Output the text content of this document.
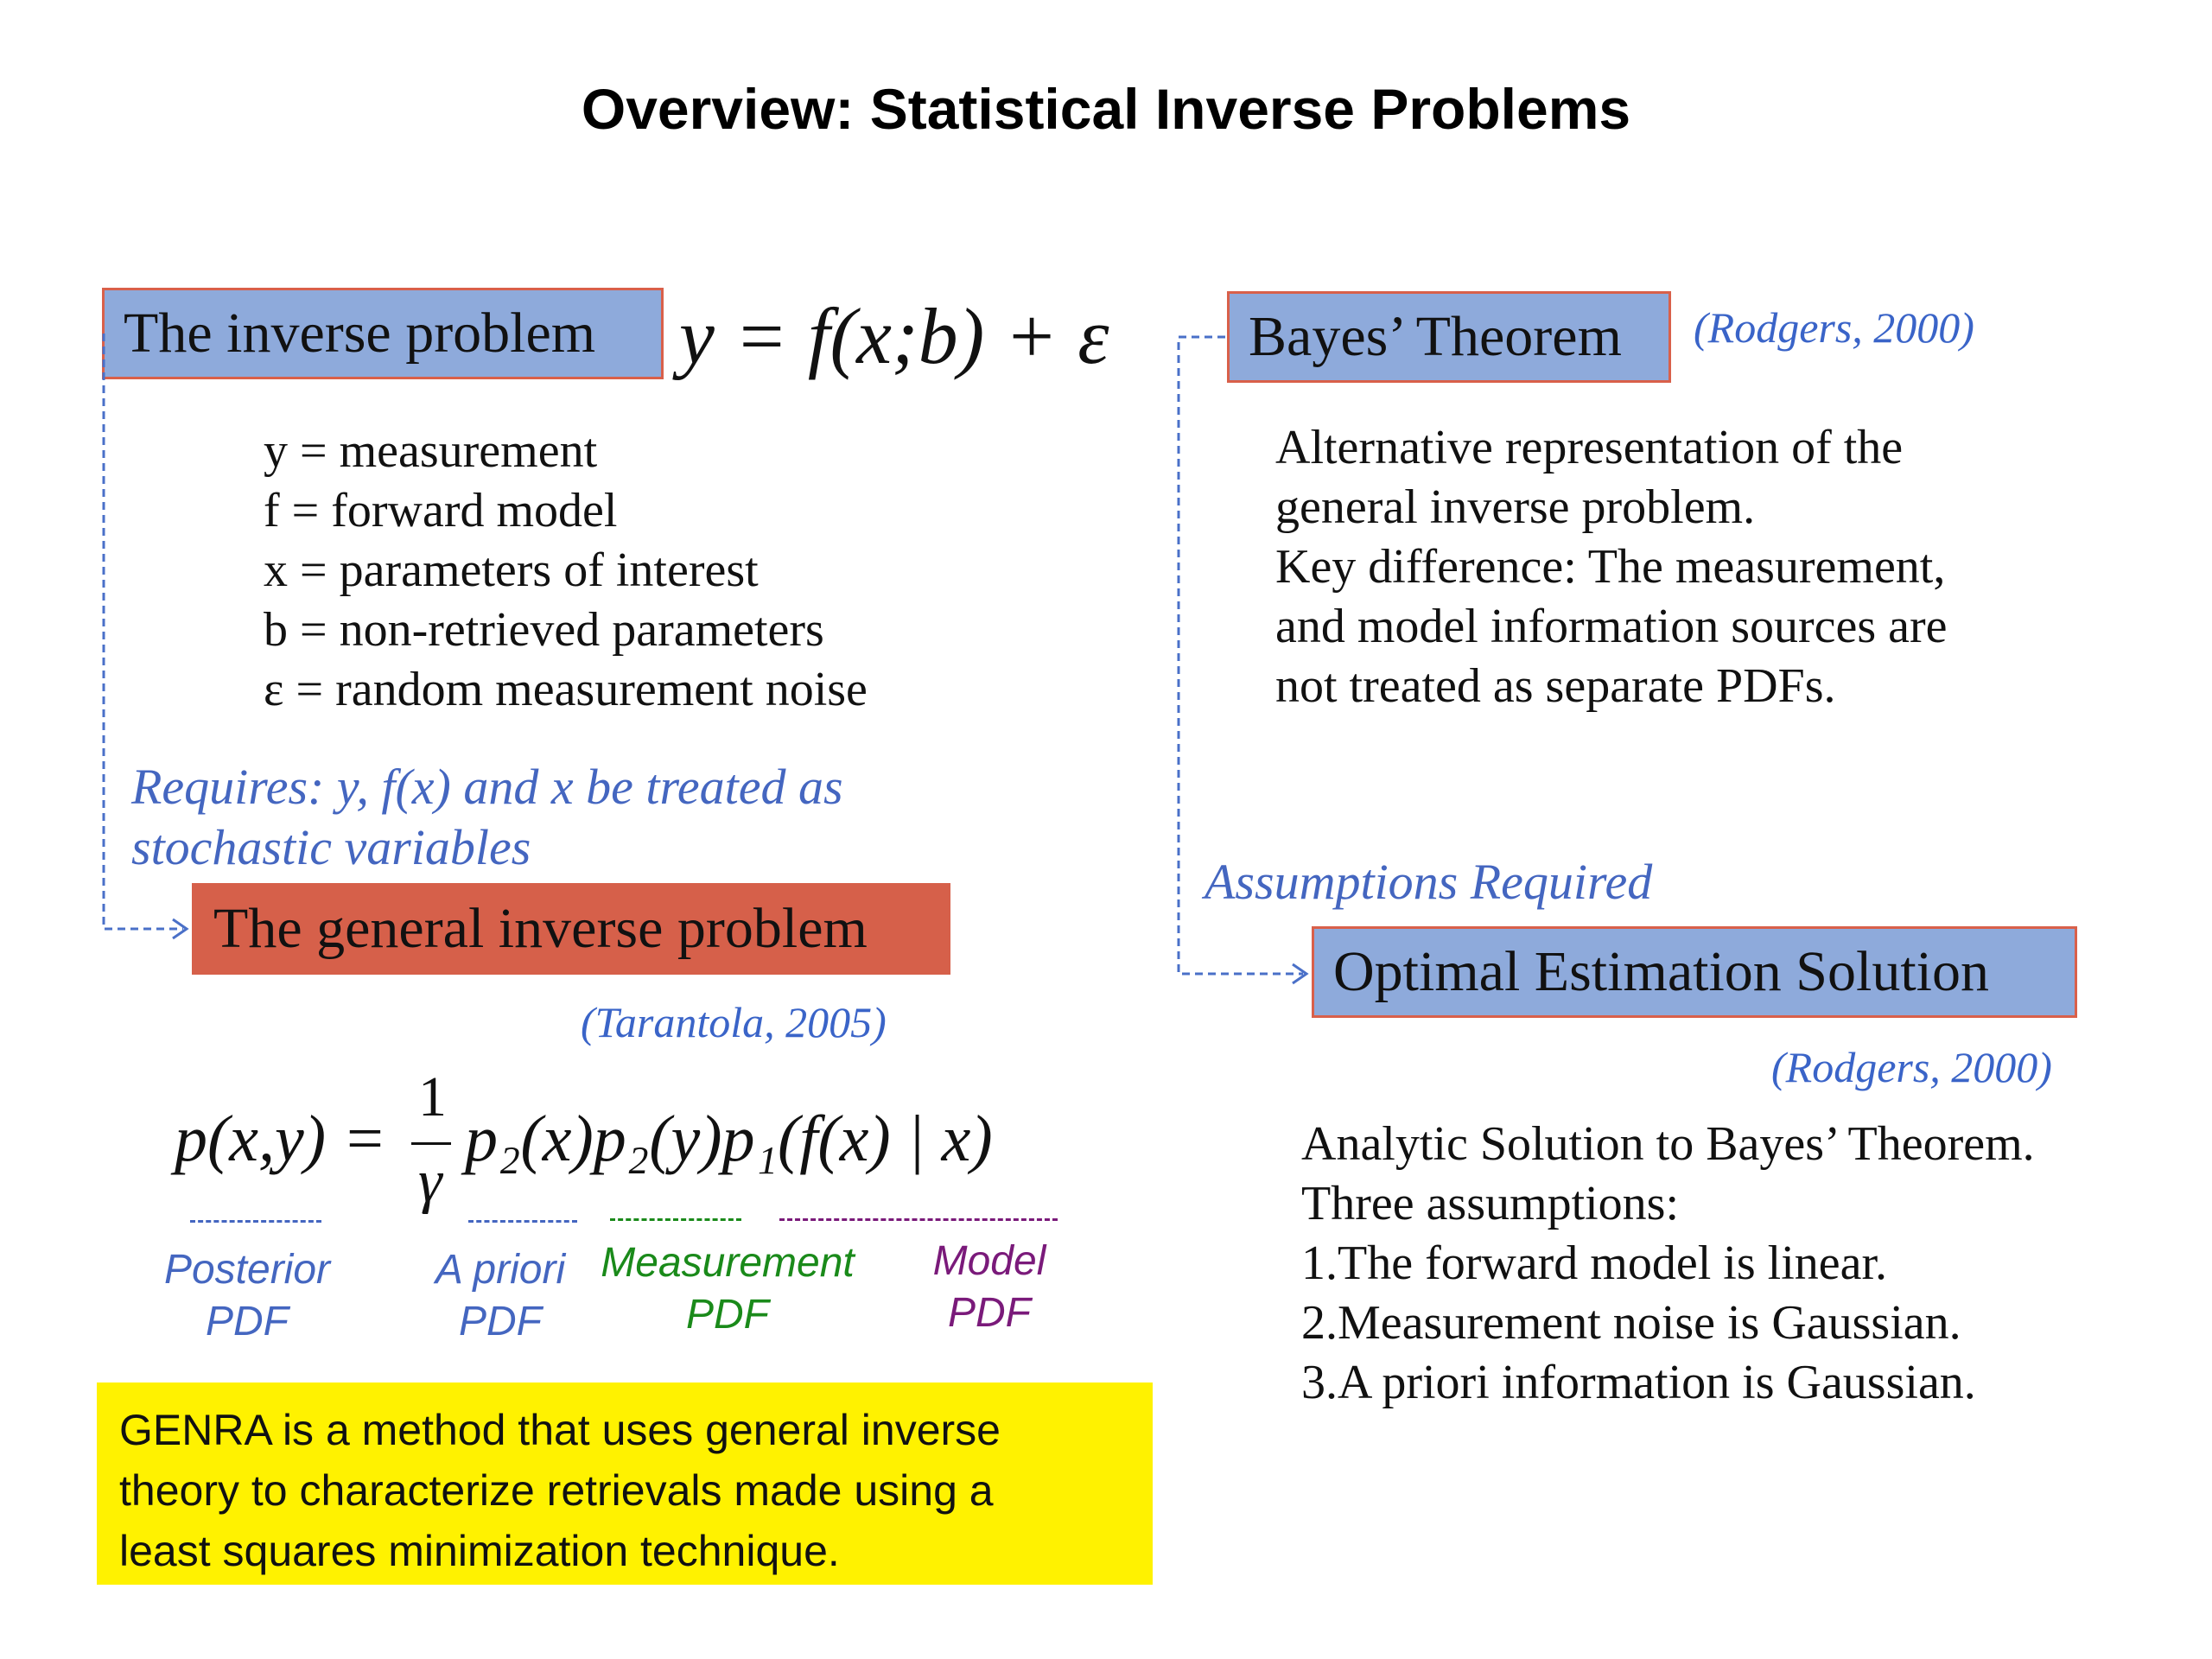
Overview: Statistical Inverse Problems
The inverse problem	y = f(x;b) + ε
y = measurement
f = forward model
x = parameters of interest
b = non-retrieved parameters
ε = random measurement noise
Requires: y, f(x) and x be treated as
stochastic variables
The general inverse problem
(Tarantola, 2005)
p(x,y) =
1
γ
p₂(x)p₂(y)p₁(f(x) | x)
Posterior
PDF
A priori
PDF
Measurement
PDF
Model
PDF
GENRA is a method that uses general inverse
theory to characterize retrievals made using a
least squares minimization technique.
Bayes’ Theorem	(Rodgers, 2000)
Alternative representation of the
general inverse problem.
Key difference: The measurement,
and model information sources are
not treated as separate PDFs.
Assumptions Required
Optimal Estimation Solution
(Rodgers, 2000)
Analytic Solution to Bayes’ Theorem.
Three assumptions:
1.The forward model is linear.
2.Measurement noise is Gaussian.
3.A priori information is Gaussian.
